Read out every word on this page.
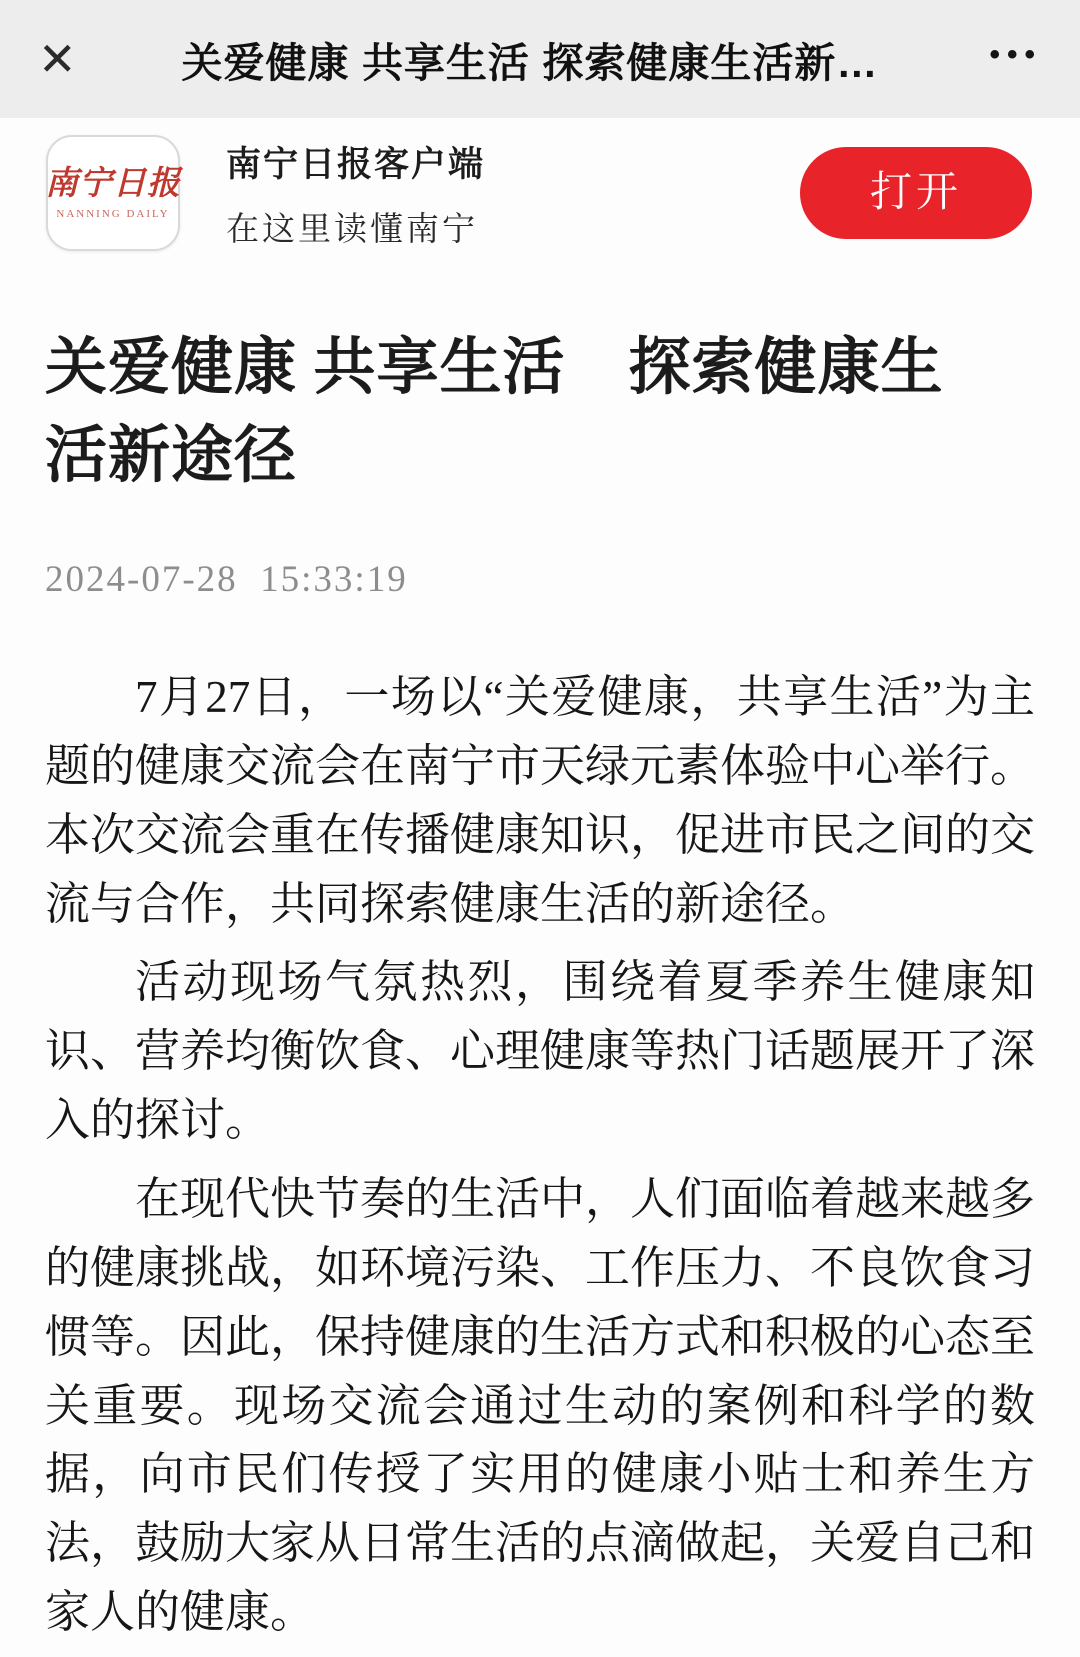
✕	关爱健康 共享生活 探索健康生活新…	•••
南宁日报
NANNING DAILY
南宁日报客户端
在这里读懂南宁
打开
关爱健康 共享生活　探索健康生活新途径
2024-07-28  15:33:19

7月27日，一场以“关爱健康，共享生活”为主题的健康交流会在南宁市天绿元素体验中心举行。本次交流会重在传播健康知识，促进市民之间的交流与合作，共同探索健康生活的新途径。

活动现场气氛热烈，围绕着夏季养生健康知识、营养均衡饮食、心理健康等热门话题展开了深入的探讨。

在现代快节奏的生活中，人们面临着越来越多的健康挑战，如环境污染、工作压力、不良饮食习惯等。因此，保持健康的生活方式和积极的心态至关重要。现场交流会通过生动的案例和科学的数据，向市民们传授了实用的健康小贴士和养生方法，鼓励大家从日常生活的点滴做起，关爱自己和家人的健康。
